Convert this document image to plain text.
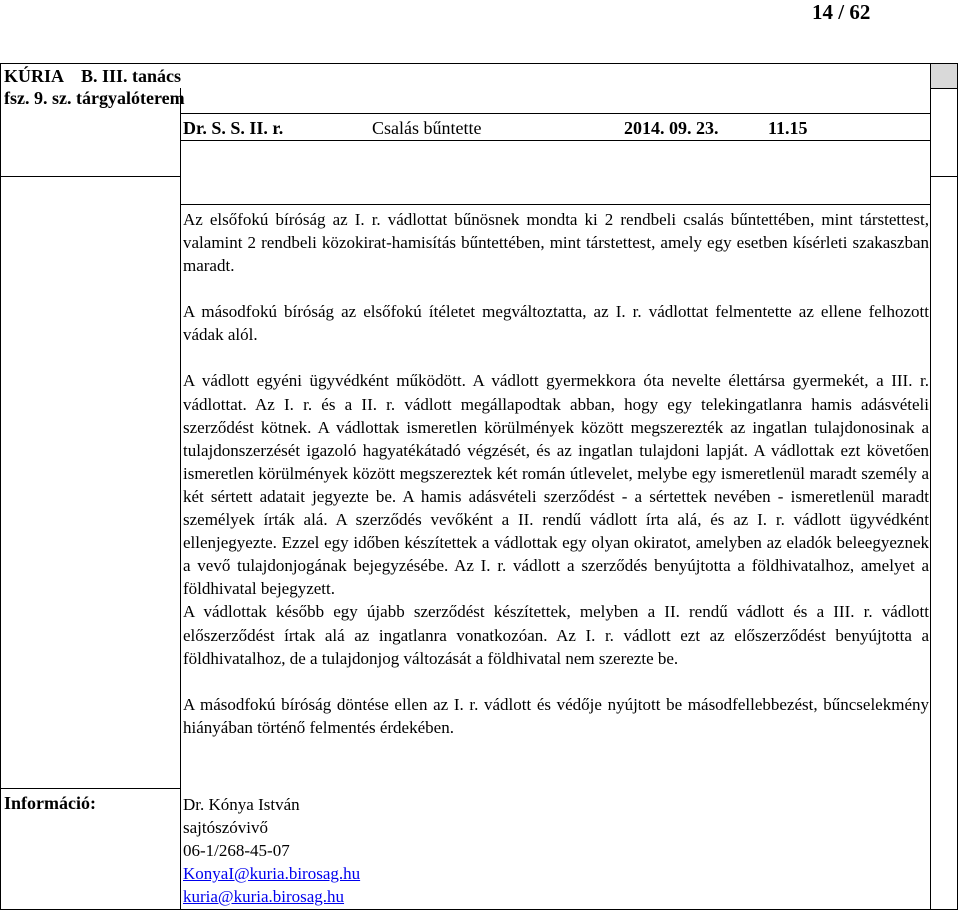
14 / 62
KÚRIA    B. III. tanács
fsz. 9. sz. tárgyalóterem
Dr. S. S. II. r.	Csalás bűntette	2014. 09. 23.	11.15

Az elsőfokú bíróság az I. r. vádlottat bűnösnek mondta ki 2 rendbeli csalás bűntettében, mint társtettest, valamint 2 rendbeli közokirat-hamisítás bűntettében, mint társtettest, amely egy esetben kísérleti szakaszban maradt.

A másodfokú bíróság az elsőfokú ítéletet megváltoztatta, az I. r. vádlottat felmentette az ellene felhozott vádak alól.

A vádlott egyéni ügyvédként működött. A vádlott gyermekkora óta nevelte élettársa gyermekét, a III. r. vádlottat. Az I. r. és a II. r. vádlott megállapodtak abban, hogy egy telekingatlanra hamis adásvételi szerződést kötnek. A vádlottak ismeretlen körülmények között megszerezték az ingatlan tulajdonosinak a tulajdonszerzését igazoló hagyatékátadó végzését, és az ingatlan tulajdoni lapját. A vádlottak ezt követően ismeretlen körülmények között megszereztek két román útlevelet, melybe egy ismeretlenül maradt személy a két sértett adatait jegyezte be. A hamis adásvételi szerződést - a sértettek nevében - ismeretlenül maradt személyek írták alá. A szerződés vevőként a II. rendű vádlott írta alá, és az I. r. vádlott ügyvédként ellenjegyezte. Ezzel egy időben készítettek a vádlottak egy olyan okiratot, amelyben az eladók beleegyeznek a vevő tulajdonjogának bejegyzésébe. Az I. r. vádlott a szerződés benyújtotta a földhivatalhoz, amelyet a földhivatal bejegyzett.

A vádlottak később egy újabb szerződést készítettek, melyben a II. rendű vádlott és a III. r. vádlott előszerződést írtak alá az ingatlanra vonatkozóan. Az I. r. vádlott ezt az előszerződést benyújtotta a földhivatalhoz, de a tulajdonjog változását a földhivatal nem szerezte be.

A másodfokú bíróság döntése ellen az I. r. vádlott és védője nyújtott be másodfellebbezést, bűncselekmény hiányában történő felmentés érdekében.

Információ:	Dr. Kónya István
sajtószóvivő
06-1/268-45-07
KonyaI@kuria.birosag.hu
kuria@kuria.birosag.hu
